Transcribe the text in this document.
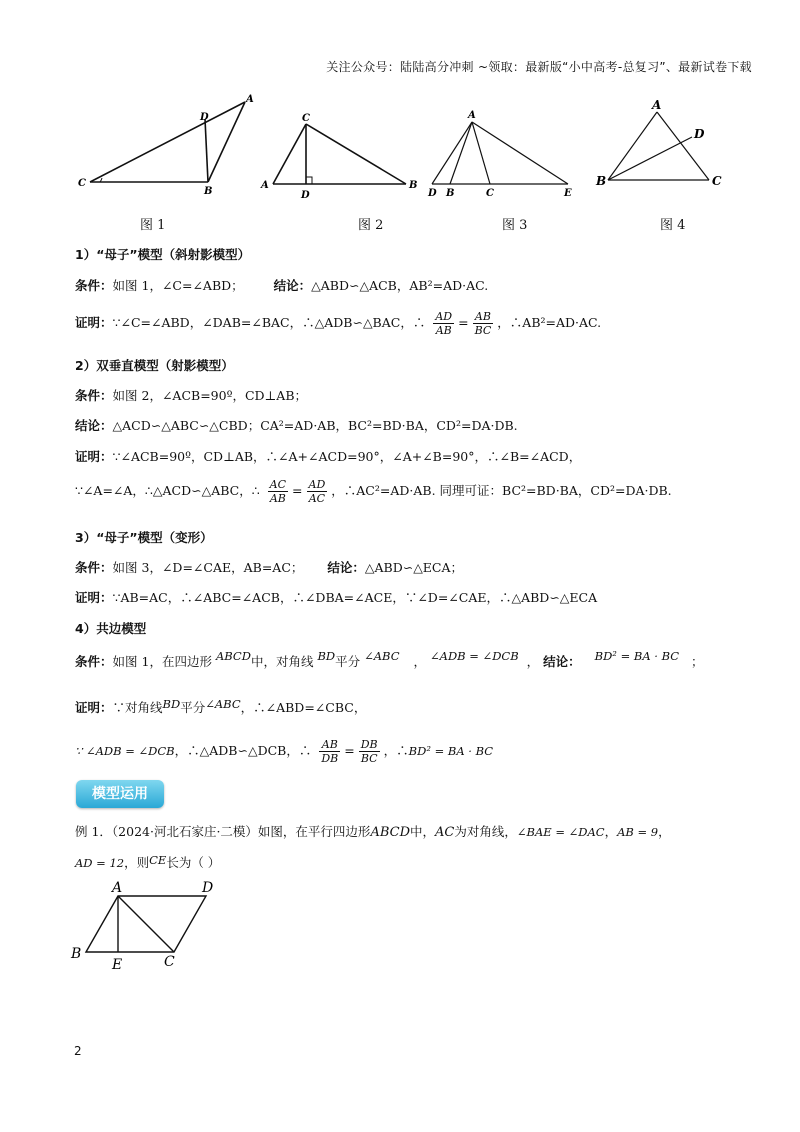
关注公众号：陆陆高分冲刺 ~领取：最新版“小中高考-总复习”、最新试卷下载
A
D
C
B
C
A
D
B
A
D B	C	E
A
D
B	C
图 1	图 2	图 3	图 4
1）“母子”模型（斜射影模型）
条件：如图 1，∠C=∠ABD； 结论：△ABD∽△ACB，AB²=AD·AC.
证明：∵∠C=∠ABD，∠DAB=∠BAC，∴△ADB∽△BAC，∴ $\frac{AD}{AB} = \frac{AB}{BC}$ ，∴AB²=AD·AC.
2）双垂直模型（射影模型）
条件：如图 2，∠ACB=90º，CD⊥AB；
结论：△ACD∽△ABC∽△CBD；CA²=AD·AB，BC²=BD·BA，CD²=DA·DB.
证明：∵∠ACB=90º，CD⊥AB，∴∠A+∠ACD=90°，∠A+∠B=90°，∴∠B=∠ACD，
∵∠A=∠A，∴△ACD∽△ABC，∴ $\frac{AC}{AB} = \frac{AD}{AC}$ ，∴AC²=AD·AB. 同理可证：BC²=BD·BA，CD²=DA·DB.
3）“母子”模型（变形）
条件：如图 3，∠D=∠CAE，AB=AC； 结论：△ABD∽△ECA；
证明：∵AB=AC，∴∠ABC=∠ACB，∴∠DBA=∠ACE，∵∠D=∠CAE，∴△ABD∽△ECA
4）共边模型
条件：如图 1，在四边形 ABCD中，对角线 BD平分 ∠ABC ， ∠ADB = ∠DCB ， 结论： BD² = BA · BC ；
证明：∵对角线BD平分∠ABC，∴∠ABD=∠CBC，
∵ ∠ADB = ∠DCB，∴△ADB∽△DCB，∴ $\frac{AB}{DB} = \frac{DB}{BC}$ ，∴BD² = BA · BC
模型运用
例 1．（2024·河北石家庄·二模）如图，在平行四边形ABCD中，AC为对角线，∠BAE = ∠DAC，AB = 9，
AD = 12，则CE长为（ ）
A	D
B
E	C
2
